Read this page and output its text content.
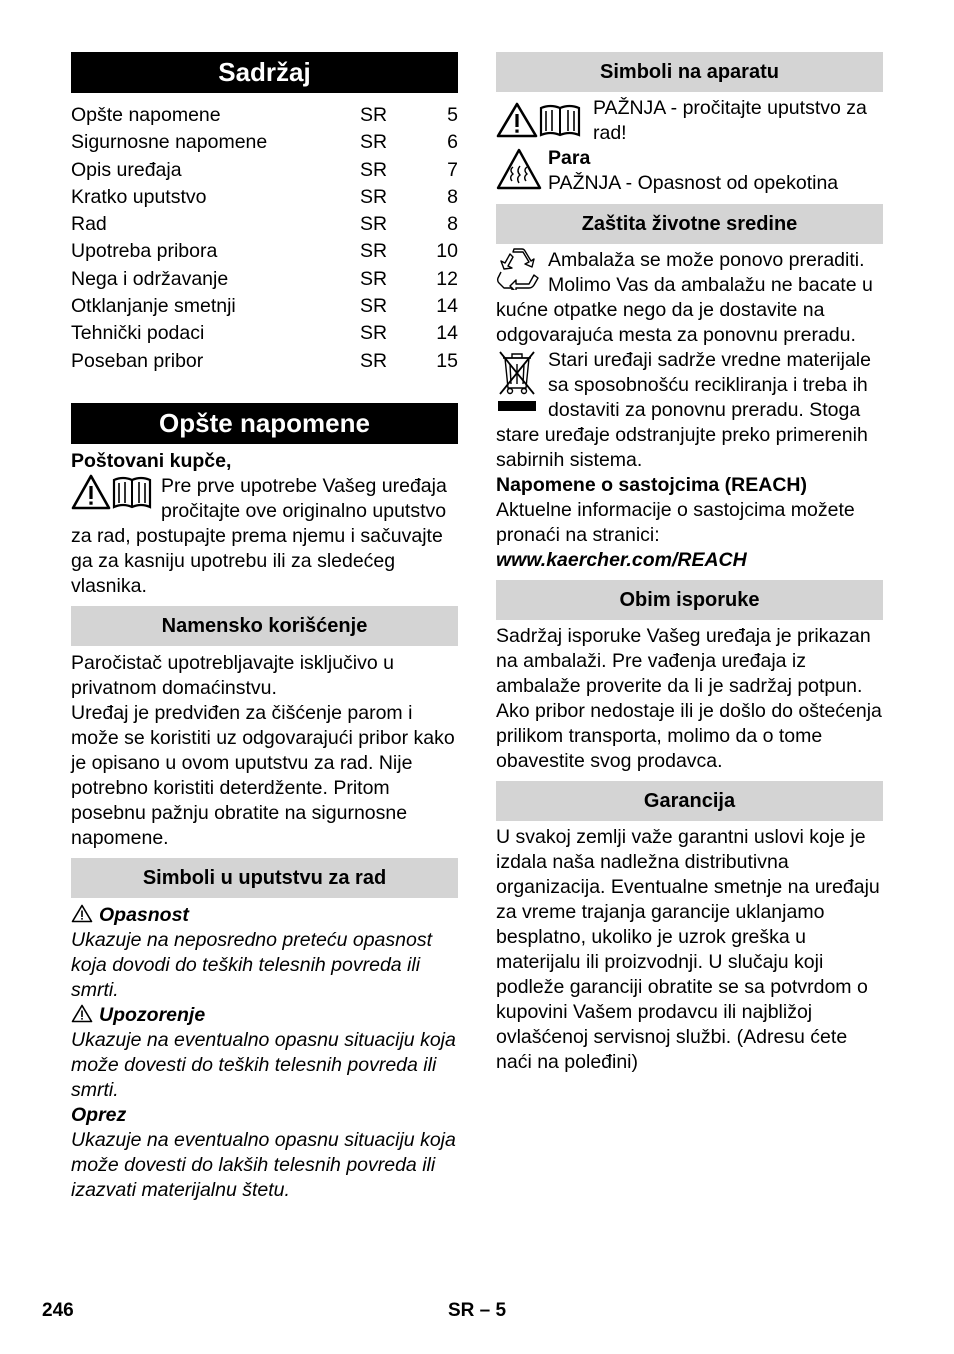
Sadržaj
Opšte napomene	SR	5
Sigurnosne napomene	SR	6
Opis uređaja	SR	7
Kratko uputstvo	SR	8
Rad	SR	8
Upotreba pribora	SR	10
Nega i održavanje	SR	12
Otklanjanje smetnji	SR	14
Tehnički podaci	SR	14
Poseban pribor	SR	15
Opšte napomene

Poštovani kupče,

Pre prve upotrebe Vašeg uređaja pročitajte ove originalno uputstvo za rad, postupajte prema njemu i sačuvajte ga za kasniju upotrebu ili za sledećeg vlasnika.

Namensko korišćenje

Paročistač upotrebljavajte isključivo u privatnom domaćinstvu.

Uređaj je predviđen za čišćenje parom i može se koristiti uz odgovarajući pribor kako je opisano u ovom uputstvu za rad. Nije potrebno koristiti deterdžente. Pritom posebnu pažnju obratite na sigurnosne napomene.

Simboli u uputstvu za rad

Opasnost

Ukazuje na neposredno preteću opasnost koja dovodi do teških telesnih povreda ili smrti.

Upozorenje

Ukazuje na eventualno opasnu situaciju koja može dovesti do teških telesnih povreda ili smrti.

Oprez

Ukazuje na eventualno opasnu situaciju koja može dovesti do lakših telesnih povreda ili izazvati materijalnu štetu.

Simboli na aparatu

PAŽNJA - pročitajte uputstvo za rad!

Para

PAŽNJA - Opasnost od opekotina

Zaštita životne sredine

Ambalaža se može ponovo preraditi. Molimo Vas da ambalažu ne bacate u kućne otpatke nego da je dostavite na odgovarajuća mesta za ponovnu preradu.

Stari uređaji sadrže vredne materijale sa sposobnošću recikliranja i treba ih dostaviti za ponovnu preradu. Stoga stare uređaje odstranjujte preko primerenih sabirnih sistema.

Napomene o sastojcima (REACH)

Aktuelne informacije o sastojcima možete pronaći na stranici:

www.kaercher.com/REACH

Obim isporuke

Sadržaj isporuke Vašeg uređaja je prikazan na ambalaži. Pre vađenja uređaja iz ambalaže proverite da li je sadržaj potpun.

Ako pribor nedostaje ili je došlo do oštećenja prilikom transporta, molimo da o tome obavestite svog prodavca.

Garancija

U svakoj zemlji važe garantni uslovi koje je izdala naša nadležna distributivna organizacija. Eventualne smetnje na uređaju za vreme trajanja garancije uklanjamo besplatno, ukoliko je uzrok greška u materijalu ili proizvodnji. U slučaju koji podleže garanciji obratite se sa potvrdom o kupovini Vašem prodavcu ili najbližoj ovlašćenoj servisnoj službi. (Adresu ćete naći na poleđini)

246	SR – 5
